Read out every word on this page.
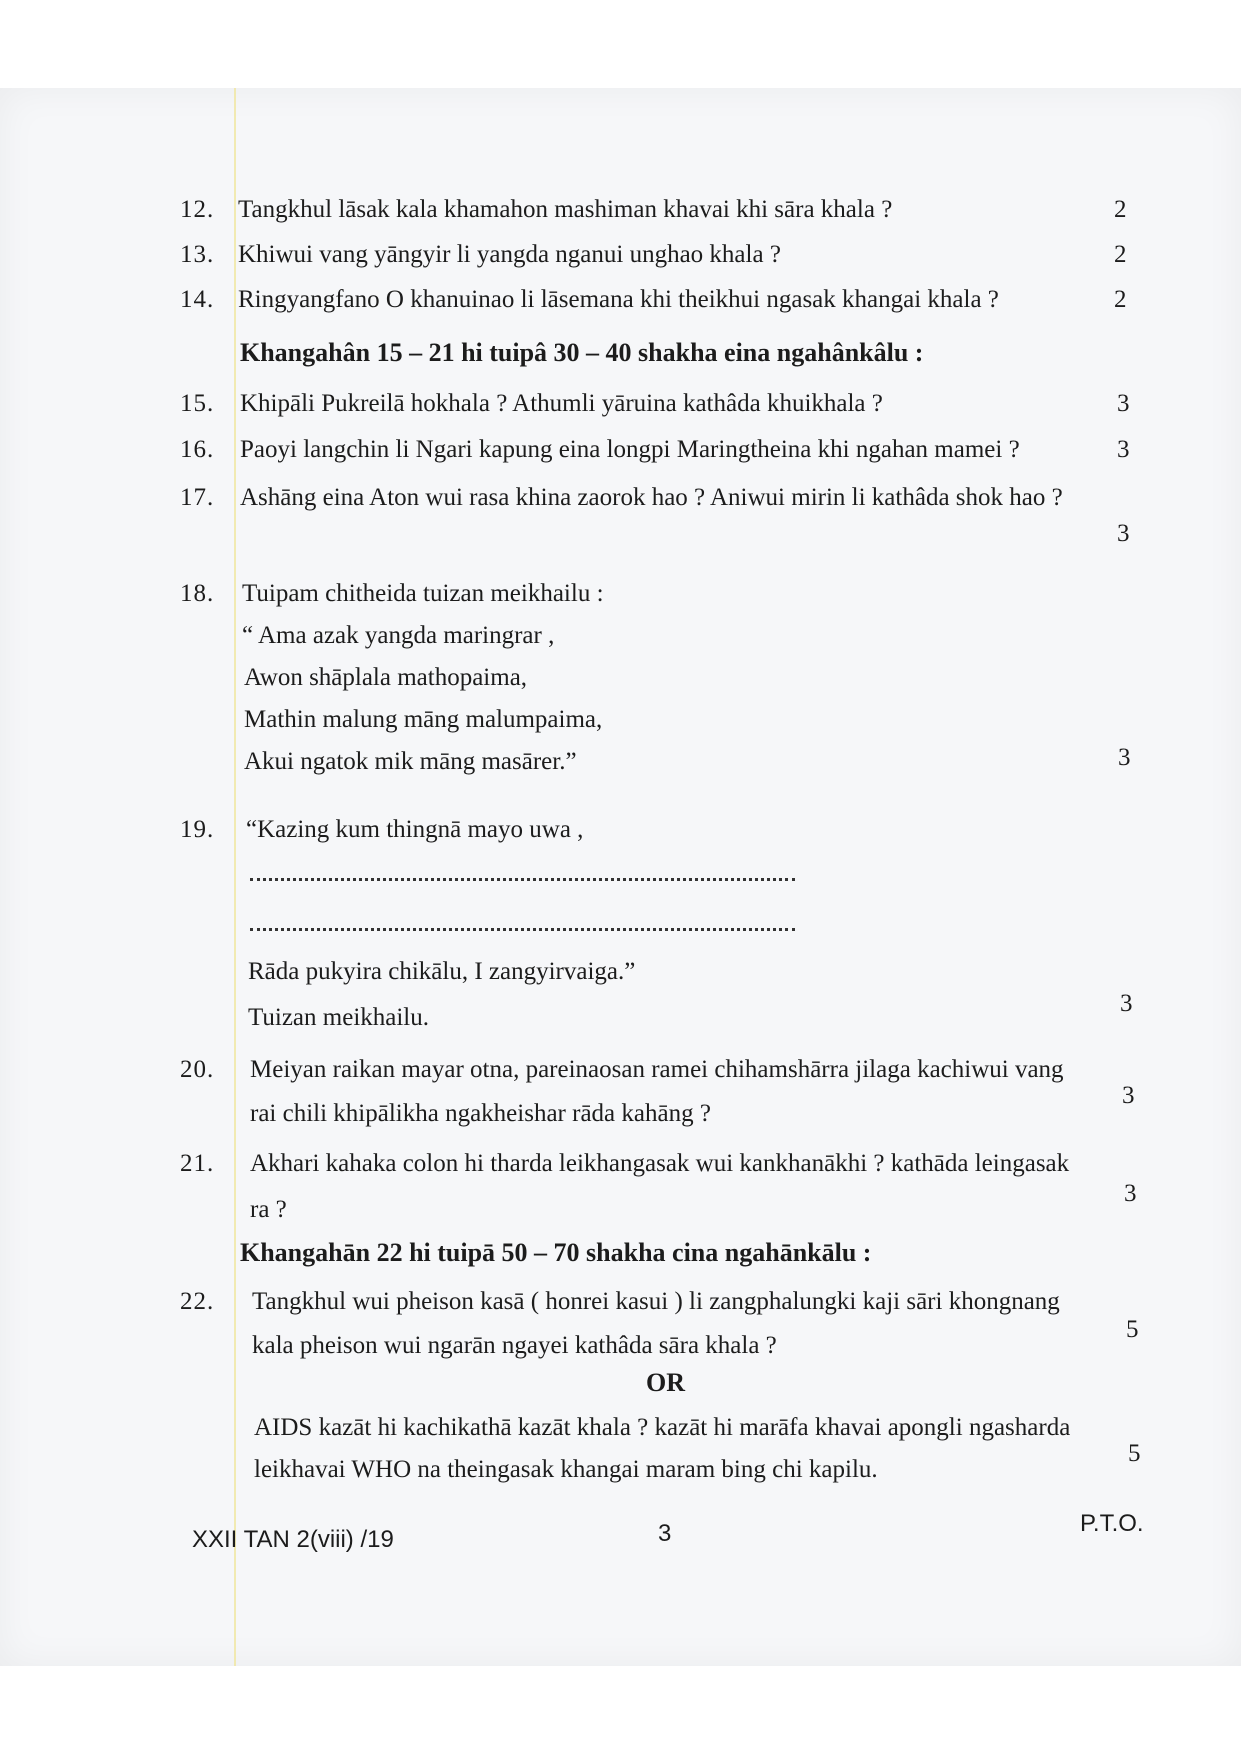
12. Tangkhul lāsak kala khamahon mashiman khavai khi sāra khala ?	2
13. Khiwui vang yāngyir li yangda nganui unghao khala ?	2
14. Ringyangfano O khanuinao li lāsemana khi theikhui ngasak khangai khala ?	2
Khangahân 15 – 21 hi tuipâ 30 – 40 shakha eina ngahânkâlu :
15. Khipāli Pukreilā hokhala ? Athumli yāruina kathâda khuikhala ?	3
16. Paoyi langchin li Ngari kapung eina longpi Maringtheina khi ngahan mamei ?	3
17. Ashāng eina Aton wui rasa khina zaorok hao ? Aniwui mirin li kathâda shok hao ?
3
18. Tuipam chitheida tuizan meikhailu :
“ Ama azak yangda maringrar ,
Awon shāplala mathopaima,
Mathin malung māng malumpaima,
Akui ngatok mik māng masārer.”	3
19. “Kazing kum thingnā mayo uwa ,
Rāda pukyira chikālu, I zangyirvaiga.”
Tuizan meikhailu.
3
20. Meiyan raikan mayar otna, pareinaosan ramei chihamshārra jilaga kachiwui vang
rai chili khipālikha ngakheishar rāda kahāng ?
3
21. Akhari kahaka colon hi tharda leikhangasak wui kankhanākhi ? kathāda leingasak
ra ?
3
Khangahān 22 hi tuipā 50 – 70 shakha cina ngahānkālu :
22. Tangkhul wui pheison kasā ( honrei kasui ) li zangphalungki kaji sāri khongnang
kala pheison wui ngarān ngayei kathâda sāra khala ?
5
OR
AIDS kazāt hi kachikathā kazāt khala ? kazāt hi marāfa khavai apongli ngasharda
leikhavai WHO na theingasak khangai maram bing chi kapilu.
5
XXII TAN 2(viii) /19	3	P.T.O.
